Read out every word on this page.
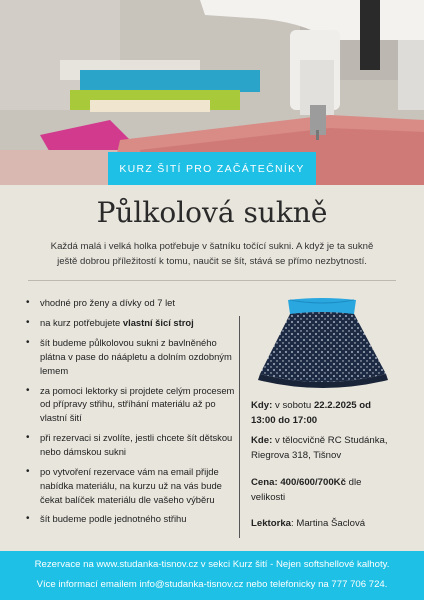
KURZ ŠITÍ PRO ZAČÁTEČNÍKY
Půlkolová sukně
Každá malá i velká holka potřebuje v šatníku točící sukni. A když je ta sukně
ještě dobrou příležitostí k tomu, naučit se šít, stává se přímo nezbytností.
• vhodné pro ženy a dívky od 7 let
• na kurz potřebujete vlastní šicí stroj
• šít budeme půlkolovou sukni z bavlněného plátna v pase do náápletu a dolním ozdobným lemem
• za pomoci lektorky si projdete celým procesem od přípravy střihu, stříhání materiálu až po vlastní šití
• při rezervaci si zvolíte, jestli chcete šít dětskou nebo dámskou sukni
• po vytvoření rezervace vám na email přijde nabídka materiálu, na kurzu už na vás bude čekat balíček materiálu dle vašeho výběru
• šít budeme podle jednotného střihu
Kdy: v sobotu 22.2.2025 od
13:00 do 17:00
Kde: v tělocvičně RC Studánka,
Riegrova 318, Tišnov
Cena: 400/600/700Kč dle
velikosti
Lektorka: Martina Šaclová
Rezervace na www.studanka-tisnov.cz v sekci Kurz šití - Nejen softshellové kalhoty.
Více informací emailem info@studanka-tisnov.cz nebo telefonicky na 777 706 724.
